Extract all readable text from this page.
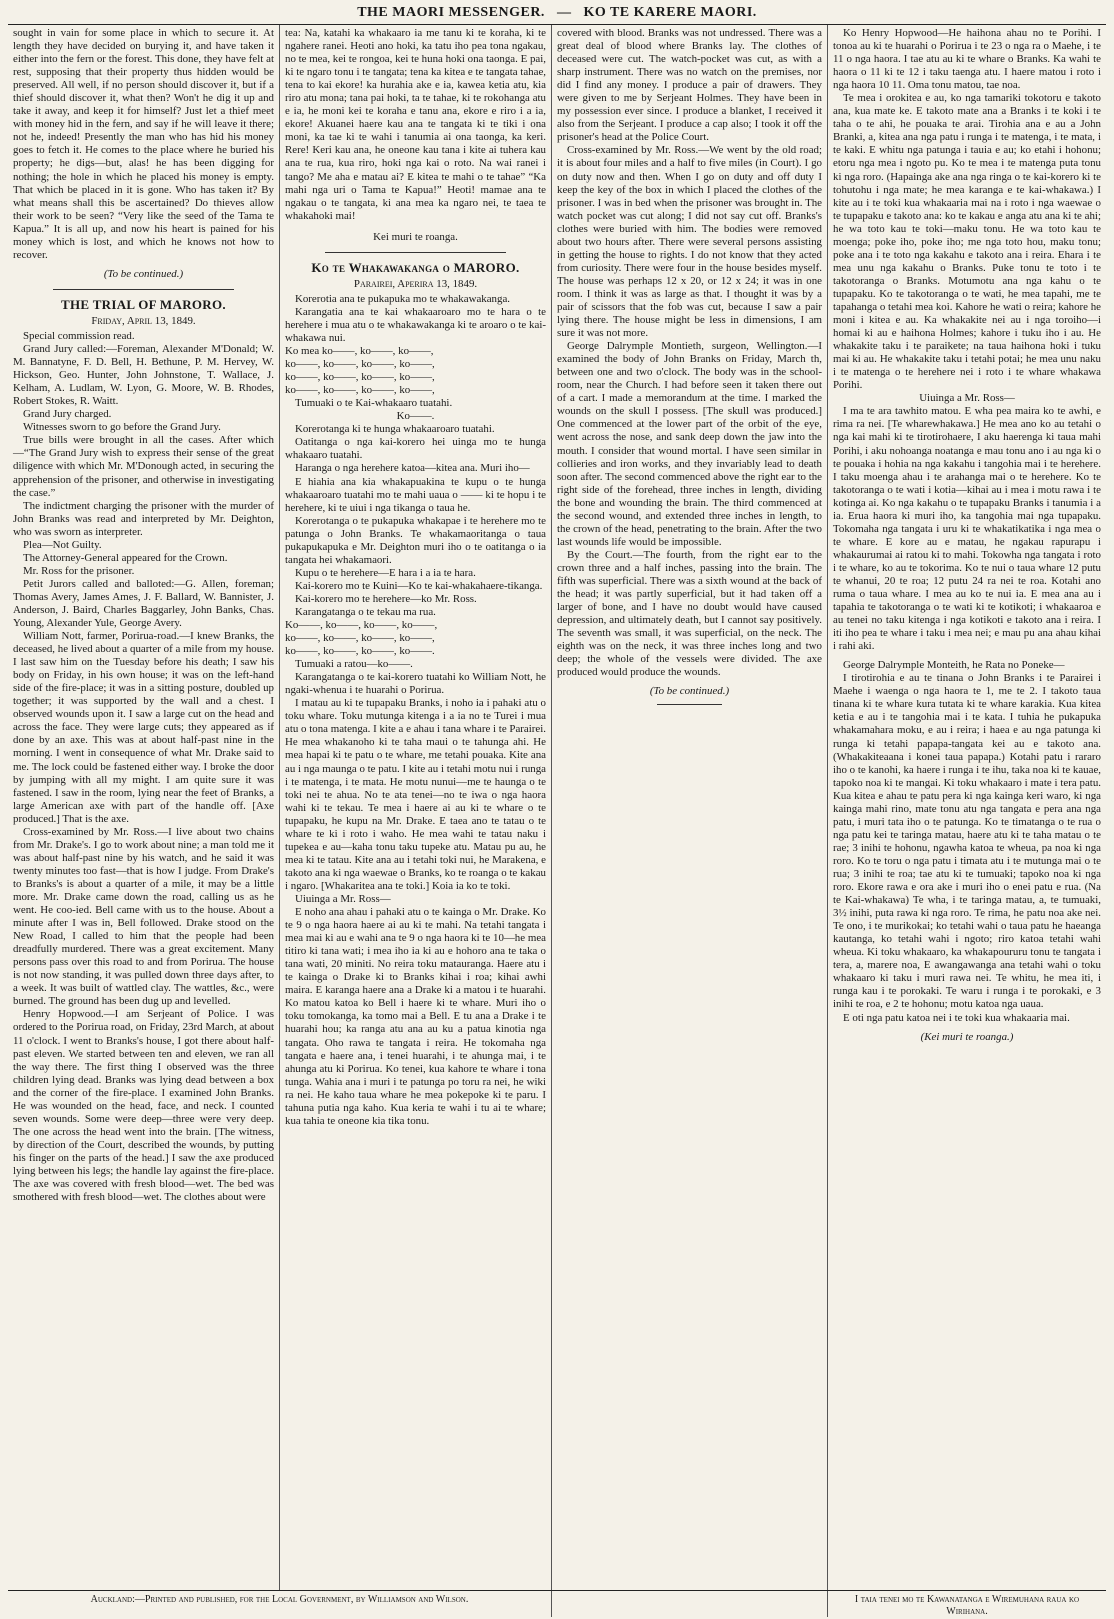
THE MAORI MESSENGER. — KO TE KARERE MAORI.

sought in vain for some place in which to secure it. At length they have decided on burying it, and have taken it either into the fern or the forest. This done, they have felt at rest, supposing that their property thus hidden would be preserved. All well, if no person should discover it, but if a thief should discover it, what then? Won't he dig it up and take it away, and keep it for himself? Just let a thief meet with money hid in the fern, and say if he will leave it there; not he, indeed! Presently the man who has hid his money goes to fetch it. He comes to the place where he buried his property; he digs—but, alas! he has been digging for nothing; the hole in which he placed his money is empty. That which be placed in it is gone. Who has taken it? By what means shall this be ascertained? Do thieves allow their work to be seen? “Very like the seed of the Tama te Kapua.” It is all up, and now his heart is pained for his money which is lost, and which he knows not how to recover.

(To be continued.)

THE TRIAL OF MARORO.

Friday, April 13, 1849.

Special commission read.

Grand Jury called:—Foreman, Alexander M'Donald; W. M. Bannatyne, F. D. Bell, H. Bethune, P. M. Hervey, W. Hickson, Geo. Hunter, John Johnstone, T. Wallace, J. Kelham, A. Ludlam, W. Lyon, G. Moore, W. B. Rhodes, Robert Stokes, R. Waitt.

Grand Jury charged.

Witnesses sworn to go before the Grand Jury.

True bills were brought in all the cases. After which—“The Grand Jury wish to express their sense of the great diligence with which Mr. M'Donough acted, in securing the apprehension of the prisoner, and otherwise in investigating the case.”

The indictment charging the prisoner with the murder of John Branks was read and interpreted by Mr. Deighton, who was sworn as interpreter.

Plea—Not Guilty.

The Attorney-General appeared for the Crown.

Mr. Ross for the prisoner.

Petit Jurors called and balloted:—G. Allen, foreman; Thomas Avery, James Ames, J. F. Ballard, W. Bannister, J. Anderson, J. Baird, Charles Baggarley, John Banks, Chas. Young, Alexander Yule, George Avery.

William Nott, farmer, Porirua-road.—I knew Branks, the deceased, he lived about a quarter of a mile from my house. I last saw him on the Tuesday before his death; I saw his body on Friday, in his own house; it was on the left-hand side of the fire-place; it was in a sitting posture, doubled up together; it was supported by the wall and a chest. I observed wounds upon it. I saw a large cut on the head and across the face. They were large cuts; they appeared as if done by an axe. This was at about half-past nine in the morning. I went in consequence of what Mr. Drake said to me. The lock could be fastened either way. I broke the door by jumping with all my might. I am quite sure it was fastened. I saw in the room, lying near the feet of Branks, a large American axe with part of the handle off. [Axe produced.] That is the axe.

Cross-examined by Mr. Ross.—I live about two chains from Mr. Drake's. I go to work about nine; a man told me it was about half-past nine by his watch, and he said it was twenty minutes too fast—that is how I judge. From Drake's to Branks's is about a quarter of a mile, it may be a little more. Mr. Drake came down the road, calling us as he went. He coo-ied. Bell came with us to the house. About a minute after I was in, Bell followed. Drake stood on the New Road, I called to him that the people had been dreadfully murdered. There was a great excitement. Many persons pass over this road to and from Porirua. The house is not now standing, it was pulled down three days after, to a week. It was built of wattled clay. The wattles, &c., were burned. The ground has been dug up and levelled.

Henry Hopwood.—I am Serjeant of Police. I was ordered to the Porirua road, on Friday, 23rd March, at about 11 o'clock. I went to Branks's house, I got there about half-past eleven. We started between ten and eleven, we ran all the way there. The first thing I observed was the three children lying dead. Branks was lying dead between a box and the corner of the fire-place. I examined John Branks. He was wounded on the head, face, and neck. I counted seven wounds. Some were deep—three were very deep. The one across the head went into the brain. [The witness, by direction of the Court, described the wounds, by putting his finger on the parts of the head.] I saw the axe produced lying between his legs; the handle lay against the fire-place. The axe was covered with fresh blood—wet. The bed was smothered with fresh blood—wet. The clothes about were

tea: Na, katahi ka whakaaro ia me tanu ki te koraha, ki te ngahere ranei. Heoti ano hoki, ka tatu iho pea tona ngakau, no te mea, kei te rongoa, kei te huna hoki ona taonga. E pai, ki te ngaro tonu i te tangata; tena ka kitea e te tangata tahae, tena to kai ekore! ka hurahia ake e ia, kawea ketia atu, kia riro atu mona; tana pai hoki, ta te tahae, ki te rokohanga atu e ia, he moni kei te koraha e tanu ana, ekore e riro i a ia, ekore! Akuanei haere kau ana te tangata ki te tiki i ona moni, ka tae ki te wahi i tanumia ai ona taonga, ka keri. Rere! Keri kau ana, he oneone kau tana i kite ai tuhera kau ana te rua, kua riro, hoki nga kai o roto. Na wai ranei i tango? Me aha e matau ai? E kitea te mahi o te tahae” “Ka mahi nga uri o Tama te Kapua!” Heoti! mamae ana te ngakau o te tangata, ki ana mea ka ngaro nei, te taea te whakahoki mai!

Kei muri te roanga.

Ko te Whakawakanga o MARORO.

Parairei, Aperira 13, 1849.

Korerotia ana te pukapuka mo te whakawakanga.

Karangatia ana te kai whakaaroaro mo te hara o te herehere i mua atu o te whakawakanga ki te aroaro o te kai-whakawa nui.

Ko mea ko——, ko——, ko——,

ko——, ko——, ko——, ko——,

ko——, ko——, ko——, ko——,

ko——, ko——, ko——, ko——,

Tumuaki o te Kai-whakaaro tuatahi.

Ko——.

Korerotanga ki te hunga whakaaroaro tuatahi.

Oatitanga o nga kai-korero hei uinga mo te hunga whakaaro tuatahi.

Haranga o nga herehere katoa—kitea ana. Muri iho—

E hiahia ana kia whakapuakina te kupu o te hunga whakaaroaro tuatahi mo te mahi uaua o —— ki te hopu i te herehere, ki te uiui i nga tikanga o taua he.

Korerotanga o te pukapuka whakapae i te herehere mo te patunga o John Branks. Te whakamaoritanga o taua pukapukapuka e Mr. Deighton muri iho o te oatitanga o ia tangata hei whakamaori.

Kupu o te herehere—E hara i a ia te hara.

Kai-korero mo te Kuini—Ko te kai-whakahaere-tikanga.

Kai-korero mo te herehere—ko Mr. Ross.

Karangatanga o te tekau ma rua.

Ko——, ko——, ko——, ko——,

ko——, ko——, ko——, ko——,

ko——, ko——, ko——, ko——.

Tumuaki a ratou—ko——.

Karangatanga o te kai-korero tuatahi ko William Nott, he ngaki-whenua i te huarahi o Porirua.

I matau au ki te tupapaku Branks, i noho ia i pahaki atu o toku whare. Toku mutunga kitenga i a ia no te Turei i mua atu o tona matenga. I kite a e ahau i tana whare i te Parairei. He mea whakanoho ki te taha maui o te tahunga ahi. He mea hapai ki te patu o te whare, me tetahi pouaka. Kite ana au i nga maunga o te patu. I kite au i tetahi motu nui i runga i te matenga, i te mata. He motu nunui—me te haunga o te toki nei te ahua. No te ata tenei—no te iwa o nga haora wahi ki te tekau. Te mea i haere ai au ki te whare o te tupapaku, he kupu na Mr. Drake. E taea ano te tatau o te whare te ki i roto i waho. He mea wahi te tatau naku i tupekea e au—kaha tonu taku tupeke atu. Matau pu au, he mea ki te tatau. Kite ana au i tetahi toki nui, he Marakena, e takoto ana ki nga waewae o Branks, ko te roanga o te kakau i ngaro. [Whakaritea ana te toki.] Koia ia ko te toki.

Uiuinga a Mr. Ross—

E noho ana ahau i pahaki atu o te kainga o Mr. Drake. Ko te 9 o nga haora haere ai au ki te mahi. Na tetahi tangata i mea mai ki au e wahi ana te 9 o nga haora ki te 10—he mea titiro ki tana wati; i mea iho ia ki au e hohoro ana te taka o tana wati, 20 miniti. No reira toku matauranga. Haere atu i te kainga o Drake ki to Branks kihai i roa; kihai awhi maira. E karanga haere ana a Drake ki a matou i te huarahi. Ko matou katoa ko Bell i haere ki te whare. Muri iho o toku tomokanga, ka tomo mai a Bell. E tu ana a Drake i te huarahi hou; ka ranga atu ana au ku a patua kinotia nga tangata. Oho rawa te tangata i reira. He tokomaha nga tangata e haere ana, i tenei huarahi, i te ahunga mai, i te ahunga atu ki Porirua. Ko tenei, kua kahore te whare i tona tunga. Wahia ana i muri i te patunga po toru ra nei, he wiki ra nei. He kaho taua whare he mea pokepoke ki te paru. I tahuna putia nga kaho. Kua keria te wahi i tu ai te whare; kua tahia te oneone kia tika tonu.

covered with blood. Branks was not undressed. There was a great deal of blood where Branks lay. The clothes of deceased were cut. The watch-pocket was cut, as with a sharp instrument. There was no watch on the premises, nor did I find any money. I produce a pair of drawers. They were given to me by Serjeant Holmes. They have been in my possession ever since. I produce a blanket, I received it also from the Serjeant. I produce a cap also; I took it off the prisoner's head at the Police Court.

Cross-examined by Mr. Ross.—We went by the old road; it is about four miles and a half to five miles (in Court). I go on duty now and then. When I go on duty and off duty I keep the key of the box in which I placed the clothes of the prisoner. I was in bed when the prisoner was brought in. The watch pocket was cut along; I did not say cut off. Branks's clothes were buried with him. The bodies were removed about two hours after. There were several persons assisting in getting the house to rights. I do not know that they acted from curiosity. There were four in the house besides myself. The house was perhaps 12 x 20, or 12 x 24; it was in one room. I think it was as large as that. I thought it was by a pair of scissors that the fob was cut, because I saw a pair lying there. The house might be less in dimensions, I am sure it was not more.

George Dalrymple Montieth, surgeon, Wellington.—I examined the body of John Branks on Friday, March th, between one and two o'clock. The body was in the school-room, near the Church. I had before seen it taken there out of a cart. I made a memorandum at the time. I marked the wounds on the skull I possess. [The skull was produced.] One commenced at the lower part of the orbit of the eye, went across the nose, and sank deep down the jaw into the mouth. I consider that wound mortal. I have seen similar in collieries and iron works, and they invariably lead to death soon after. The second commenced above the right ear to the right side of the forehead, three inches in length, dividing the bone and wounding the brain. The third commenced at the second wound, and extended three inches in length, to the crown of the head, penetrating to the brain. After the two last wounds life would be impossible.

By the Court.—The fourth, from the right ear to the crown three and a half inches, passing into the brain. The fifth was superficial. There was a sixth wound at the back of the head; it was partly superficial, but it had taken off a larger of bone, and I have no doubt would have caused depression, and ultimately death, but I cannot say positively. The seventh was small, it was superficial, on the neck. The eighth was on the neck, it was three inches long and two deep; the whole of the vessels were divided. The axe produced would produce the wounds.

(To be continued.)

Ko Henry Hopwood—He haihona ahau no te Porihi. I tonoa au ki te huarahi o Porirua i te 23 o nga ra o Maehe, i te 11 o nga haora. I tae atu au ki te whare o Branks. Ka wahi te haora o 11 ki te 12 i taku taenga atu. I haere matou i roto i nga haora 10 11. Oma tonu matou, tae noa.

Te mea i orokitea e au, ko nga tamariki tokotoru e takoto ana, kua mate ke. E takoto mate ana a Branks i te koki i te taha o te ahi, he pouaka te arai. Tirohia ana e au a John Branki, a, kitea ana nga patu i runga i te matenga, i te mata, i te kaki. E whitu nga patunga i tauia e au; ko etahi i hohonu; etoru nga mea i ngoto pu. Ko te mea i te matenga puta tonu ki nga roro. (Hapainga ake ana nga ringa o te kai-korero ki te tohutohu i nga mate; he mea karanga e te kai-whakawa.) I kite au i te toki kua whakaaria mai na i roto i nga waewae o te tupapaku e takoto ana: ko te kakau e anga atu ana ki te ahi; he wa toto kau te toki—maku tonu. He wa toto kau te moenga; poke iho, poke iho; me nga toto hou, maku tonu; poke ana i te toto nga kakahu e takoto ana i reira. Ehara i te mea unu nga kakahu o Branks. Puke tonu te toto i te takotoranga o Branks. Motumotu ana nga kahu o te tupapaku. Ko te takotoranga o te wati, he mea tapahi, me te tapahanga o tetahi mea koi. Kahore he wati o reira; kahore he moni i kitea e au. Ka whakakite nei au i nga toroiho—i homai ki au e haihona Holmes; kahore i tuku iho i au. He whakakite taku i te paraikete; na taua haihona hoki i tuku mai ki au. He whakakite taku i tetahi potai; he mea unu naku i te matenga o te herehere nei i roto i te whare whakawa Porihi.

Uiuinga a Mr. Ross—

I ma te ara tawhito matou. E wha pea maira ko te awhi, e rima ra nei. [Te wharewhakawa.] He mea ano ko au tetahi o nga kai mahi ki te tirotirohaere, I aku haerenga ki taua mahi Porihi, i aku nohoanga noatanga e mau tonu ano i au nga ki o te pouaka i hohia na nga kakahu i tangohia mai i te herehere. I taku moenga ahau i te arahanga mai o te herehere. Ko te takotoranga o te wati i kotia—kihai au i mea i motu rawa i te kotinga ai. Ko nga kakahu o te tupapaku Branks i tanumia i a ia. Erua haora ki muri iho, ka tangohia mai nga tupapaku. Tokomaha nga tangata i uru ki te whakatikatika i nga mea o te whare. E kore au e matau, he ngakau rapurapu i whakaurumai ai ratou ki to mahi. Tokowha nga tangata i roto i te whare, ko au te tokorima. Ko te nui o taua whare 12 putu te whanui, 20 te roa; 12 putu 24 ra nei te roa. Kotahi ano ruma o taua whare. I mea au ko te nui ia. E mea ana au i tapahia te takotoranga o te wati ki te kotikoti; i whakaaroa e au tenei no taku kitenga i nga kotikoti e takoto ana i reira. I iti iho pea te whare i taku i mea nei; e mau pu ana ahau kihai i rahi aki.

George Dalrymple Monteith, he Rata no Poneke—

I tirotirohia e au te tinana o John Branks i te Parairei i Maehe i waenga o nga haora te 1, me te 2. I takoto taua tinana ki te whare kura tutata ki te whare karakia. Kua kitea ketia e au i te tangohia mai i te kata. I tuhia he pukapuka whakamahara moku, e au i reira; i haea e au nga patunga ki runga ki tetahi papapa-tangata kei au e takoto ana. (Whakakiteaana i konei taua papapa.) Kotahi patu i rararo iho o te kanohi, ka haere i runga i te ihu, taka noa ki te kauae, tapoko noa ki te mangai. Ki toku whakaaro i mate i tera patu. Kua kitea e ahau te patu pera ki nga kainga keri waro, ki nga kainga mahi rino, mate tonu atu nga tangata e pera ana nga patu, i muri tata iho o te patunga. Ko te timatanga o te rua o nga patu kei te taringa matau, haere atu ki te taha matau o te rae; 3 inihi te hohonu, ngawha katoa te wheua, pa noa ki nga roro. Ko te toru o nga patu i timata atu i te mutunga mai o te rua; 3 inihi te roa; tae atu ki te tumuaki; tapoko noa ki nga roro. Ekore rawa e ora ake i muri iho o enei patu e rua. (Na te Kai-whakawa) Te wha, i te taringa matau, a, te tumuaki, 3½ inihi, puta rawa ki nga roro. Te rima, he patu noa ake nei. Te ono, i te murikokai; ko tetahi wahi o taua patu he haeanga kautanga, ko tetahi wahi i ngoto; riro katoa tetahi wahi wheua. Ki toku whakaaro, ka whakapoururu tonu te tangata i tera, a, marere noa, E awangawanga ana tetahi wahi o toku whakaaro ki taku i muri rawa nei. Te whitu, he mea iti, i runga kau i te porokaki. Te waru i runga i te porokaki, e 3 inihi te roa, e 2 te hohonu; motu katoa nga uaua.

E oti nga patu katoa nei i te toki kua whakaaria mai.

(Kei muri te roanga.)

Auckland:—Printed and published, for the Local Government, by Williamson and Wilson.	I taia tenei mo te Kawanatanga e Wiremuhana raua ko Wirihana.
